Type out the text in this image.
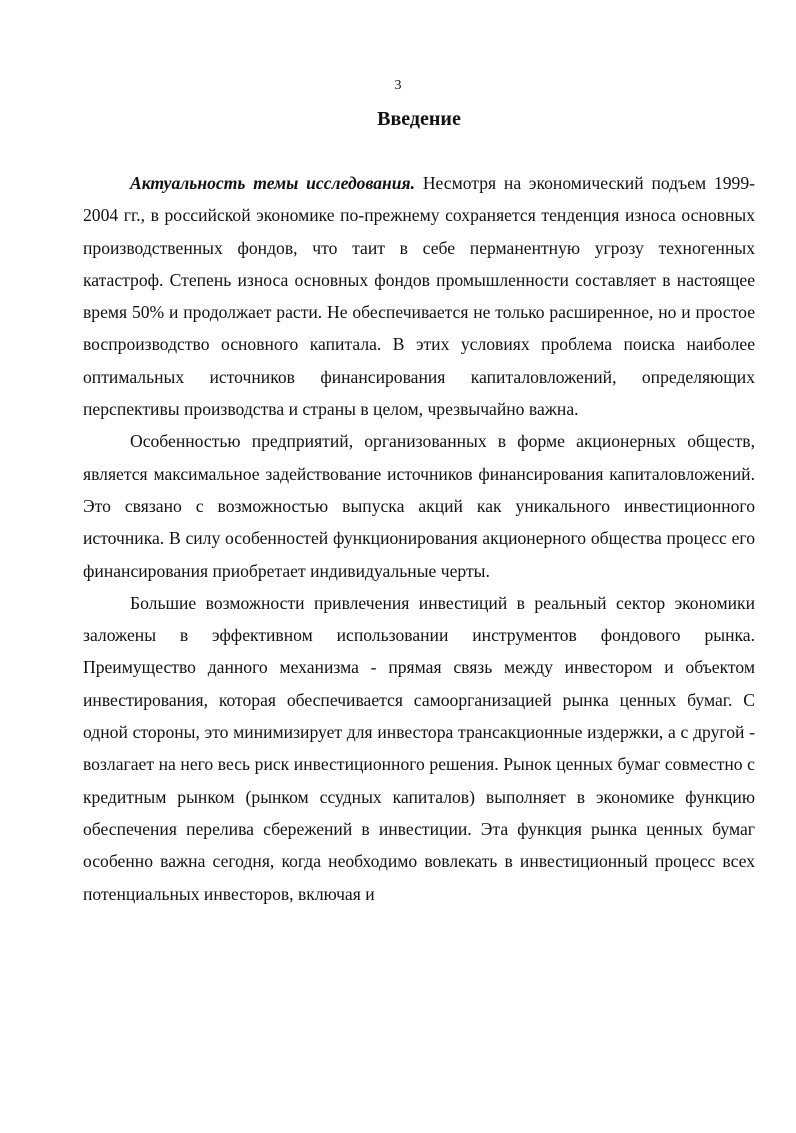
3
Введение

Актуальность темы исследования. Несмотря на экономический подъем 1999-2004 гг., в российской экономике по-прежнему сохраняется тенденция износа основных производственных фондов, что таит в себе перманентную угрозу техногенных катастроф. Степень износа основных фондов промышленности составляет в настоящее время 50% и продолжает расти. Не обеспечивается не только расширенное, но и простое воспроизводство основного капитала. В этих условиях проблема поиска наиболее оптимальных источников финансирования капиталовложений, определяющих перспективы производства и страны в целом, чрезвычайно важна.

Особенностью предприятий, организованных в форме акционерных обществ, является максимальное задействование источников финансирования капиталовложений. Это связано с возможностью выпуска акций как уникального инвестиционного источника. В силу особенностей функционирования акционерного общества процесс его финансирования приобретает индивидуальные черты.

Большие возможности привлечения инвестиций в реальный сектор экономики заложены в эффективном использовании инструментов фондового рынка. Преимущество данного механизма - прямая связь между инвестором и объектом инвестирования, которая обеспечивается самоорганизацией рынка ценных бумаг. С одной стороны, это минимизирует для инвестора трансакционные издержки, а с другой - возлагает на него весь риск инвестиционного решения. Рынок ценных бумаг совместно с кредитным рынком (рынком ссудных капиталов) выполняет в экономике функцию обеспечения перелива сбережений в инвестиции. Эта функция рынка ценных бумаг особенно важна сегодня, когда необходимо вовлекать в инвестиционный процесс всех потенциальных инвесторов, включая и
